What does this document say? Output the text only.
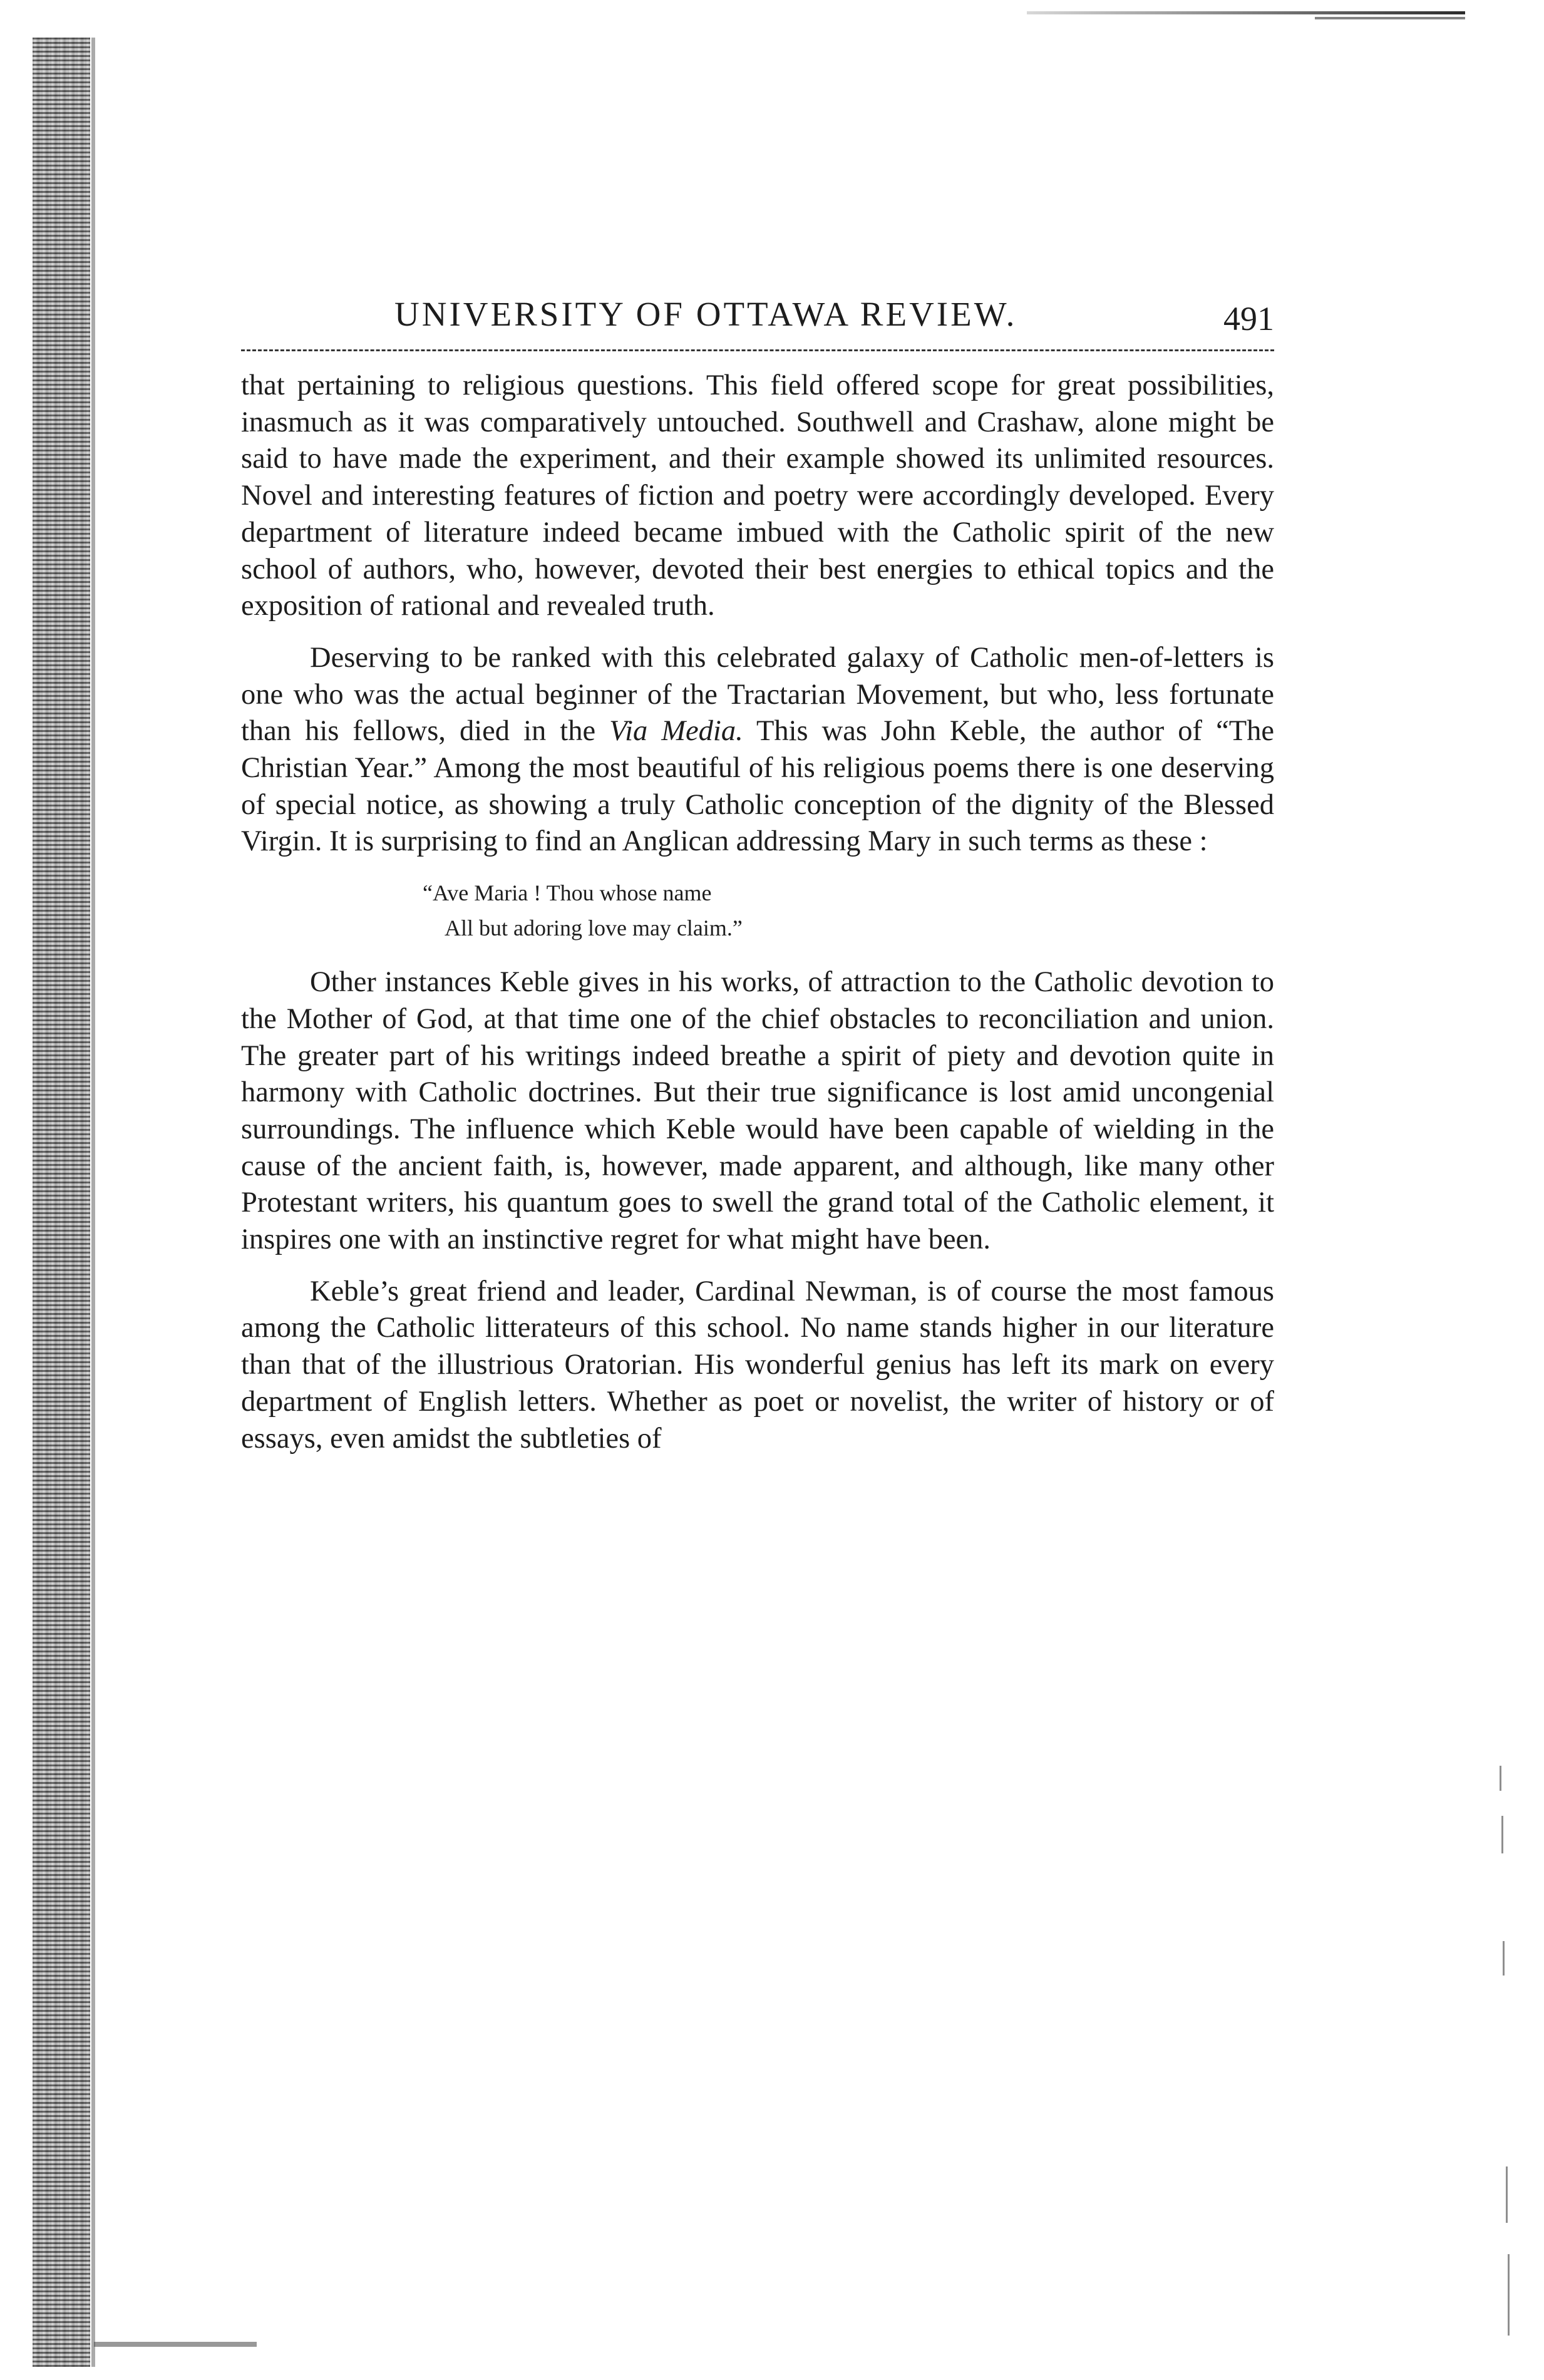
UNIVERSITY OF OTTAWA REVIEW.	491

that pertaining to religious questions. This field offered scope for great possibilities, inasmuch as it was comparatively untouched. Southwell and Crashaw, alone might be said to have made the experiment, and their example showed its unlimited resources. Novel and interesting features of fiction and poetry were accordingly developed. Every department of literature indeed became imbued with the Catholic spirit of the new school of authors, who, however, devoted their best energies to ethical topics and the exposition of rational and revealed truth.

Deserving to be ranked with this celebrated galaxy of Catholic men-of-letters is one who was the actual beginner of the Tractarian Movement, but who, less fortunate than his fellows, died in the Via Media. This was John Keble, the author of “The Christian Year.” Among the most beautiful of his religious poems there is one deserving of special notice, as showing a truly Catholic conception of the dignity of the Blessed Virgin. It is surprising to find an Anglican addressing Mary in such terms as these :

“Ave Maria ! Thou whose name
All but adoring love may claim.”

Other instances Keble gives in his works, of attraction to the Catholic devotion to the Mother of God, at that time one of the chief obstacles to reconciliation and union. The greater part of his writings indeed breathe a spirit of piety and devotion quite in harmony with Catholic doctrines. But their true significance is lost amid uncongenial surroundings. The influence which Keble would have been capable of wielding in the cause of the ancient faith, is, however, made apparent, and although, like many other Protestant writers, his quantum goes to swell the grand total of the Catholic element, it inspires one with an instinctive regret for what might have been.

Keble’s great friend and leader, Cardinal Newman, is of course the most famous among the Catholic litterateurs of this school. No name stands higher in our literature than that of the illustrious Oratorian. His wonderful genius has left its mark on every department of English letters. Whether as poet or novelist, the writer of history or of essays, even amidst the subtleties of
